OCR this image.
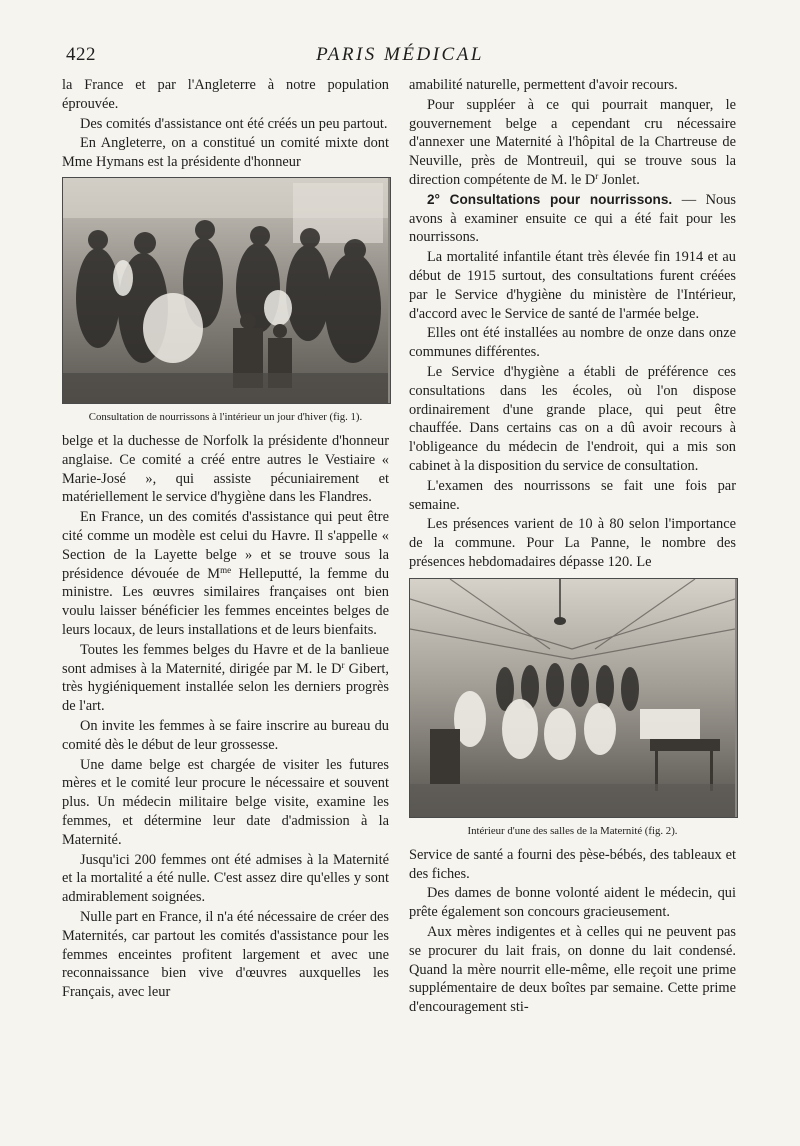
422	PARIS MÉDICAL

la France et par l'Angleterre à notre population éprouvée.

Des comités d'assistance ont été créés un peu partout.

En Angleterre, on a constitué un comité mixte dont Mme Hymans est la présidente d'honneur

Consultation de nourrissons à l'intérieur un jour d'hiver (fig. 1).

belge et la duchesse de Norfolk la présidente d'honneur anglaise. Ce comité a créé entre autres le Vestiaire « Marie-José », qui assiste pécuniairement et matériellement le service d'hygiène dans les Flandres.

En France, un des comités d'assistance qui peut être cité comme un modèle est celui du Havre. Il s'appelle « Section de la Layette belge » et se trouve sous la présidence dévouée de $M^{me}$ Helleputté, la femme du ministre. Les œuvres similaires françaises ont bien voulu laisser bénéficier les femmes enceintes belges de leurs locaux, de leurs installations et de leurs bienfaits.

Toutes les femmes belges du Havre et de la banlieue sont admises à la Maternité, dirigée par M. le $D^r$ Gibert, très hygiéniquement installée selon les derniers progrès de l'art.

On invite les femmes à se faire inscrire au bureau du comité dès le début de leur grossesse.

Une dame belge est chargée de visiter les futures mères et le comité leur procure le nécessaire et souvent plus. Un médecin militaire belge visite, examine les femmes, et détermine leur date d'admission à la Maternité.

Jusqu'ici 200 femmes ont été admises à la Maternité et la mortalité a été nulle. C'est assez dire qu'elles y sont admirablement soignées.

Nulle part en France, il n'a été nécessaire de créer des Maternités, car partout les comités d'assistance pour les femmes enceintes profitent largement et avec une reconnaissance bien vive d'œuvres auxquelles les Français, avec leur

amabilité naturelle, permettent d'avoir recours.

Pour suppléer à ce qui pourrait manquer, le gouvernement belge a cependant cru nécessaire d'annexer une Maternité à l'hôpital de la Chartreuse de Neuville, près de Montreuil, qui se trouve sous la direction compétente de M. le $D^r$ Jonlet.

2° Consultations pour nourrissons. — Nous avons à examiner ensuite ce qui a été fait pour les nourrissons.

La mortalité infantile étant très élevée fin 1914 et au début de 1915 surtout, des consultations furent créées par le Service d'hygiène du ministère de l'Intérieur, d'accord avec le Service de santé de l'armée belge.

Elles ont été installées au nombre de onze dans onze communes différentes.

Le Service d'hygiène a établi de préférence ces consultations dans les écoles, où l'on dispose ordinairement d'une grande place, qui peut être chauffée. Dans certains cas on a dû avoir recours à l'obligeance du médecin de l'endroit, qui a mis son cabinet à la disposition du service de consultation.

L'examen des nourrissons se fait une fois par semaine.

Les présences varient de 10 à 80 selon l'importance de la commune. Pour La Panne, le nombre des présences hebdomadaires dépasse 120. Le

Intérieur d'une des salles de la Maternité (fig. 2).

Service de santé a fourni des pèse-bébés, des tableaux et des fiches.

Des dames de bonne volonté aident le médecin, qui prête également son concours gracieusement.

Aux mères indigentes et à celles qui ne peuvent pas se procurer du lait frais, on donne du lait condensé. Quand la mère nourrit elle-même, elle reçoit une prime supplémentaire de deux boîtes par semaine. Cette prime d'encouragement sti-
